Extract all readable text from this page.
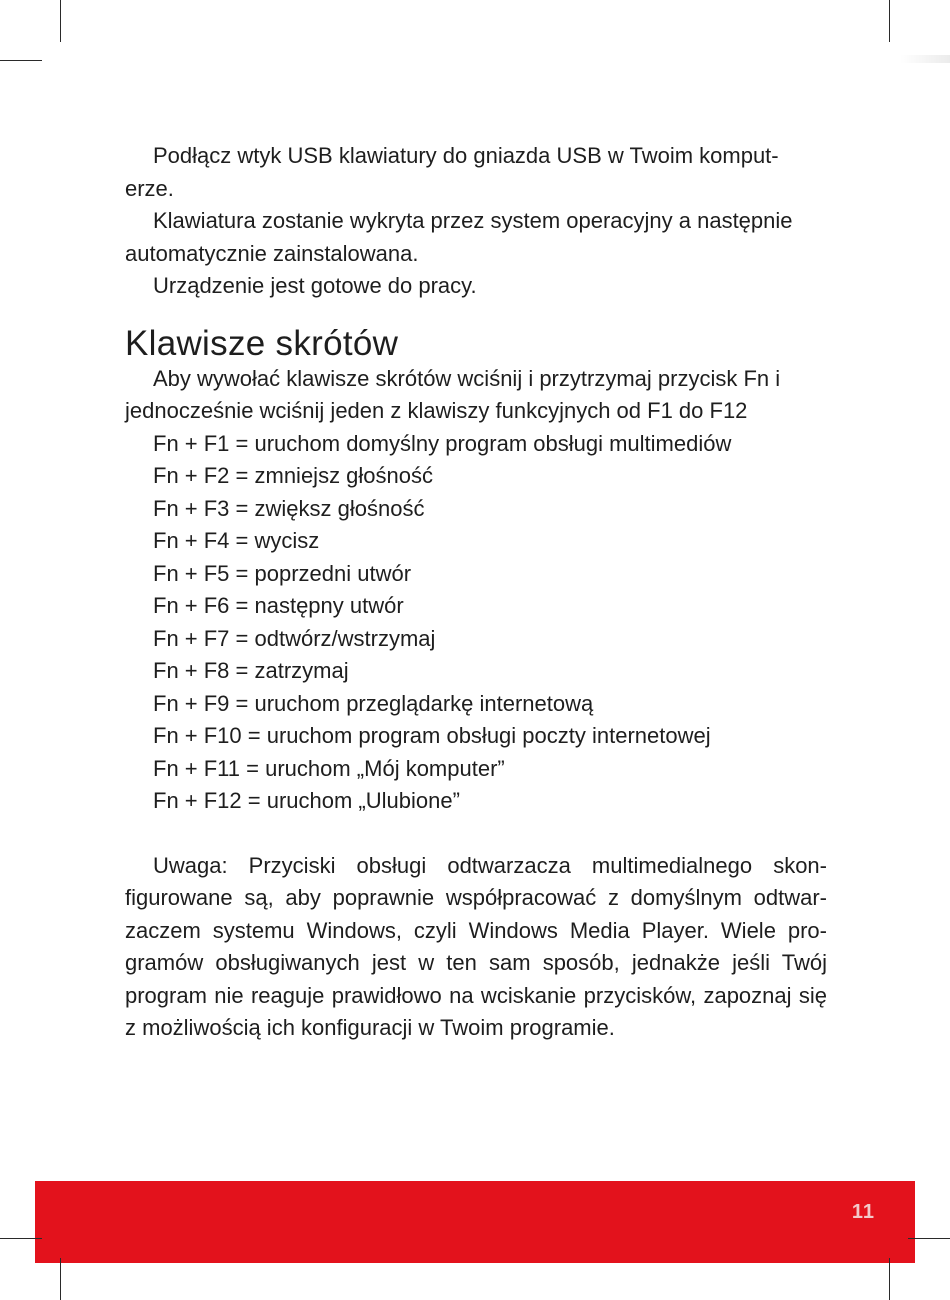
Podłącz wtyk USB klawiatury do gniazda USB w Twoim komput-erze.

Klawiatura zostanie wykryta przez system operacyjny a następnie automatycznie zainstalowana.

Urządzenie jest gotowe do pracy.

Klawisze skrótów

Aby wywołać klawisze skrótów wciśnij i przytrzymaj przycisk Fn i jednocześnie wciśnij jeden z klawiszy funkcyjnych od F1 do F12

Fn + F1 = uruchom domyślny program obsługi multimediów
Fn + F2 = zmniejsz głośność
Fn + F3 = zwiększ głośność
Fn + F4 = wycisz
Fn + F5 = poprzedni utwór
Fn + F6 = następny utwór
Fn + F7 = odtwórz/wstrzymaj
Fn + F8 = zatrzymaj
Fn + F9 = uruchom przeglądarkę internetową
Fn + F10 = uruchom program obsługi poczty internetowej
Fn + F11 = uruchom „Mój komputer”
Fn + F12 = uruchom „Ulubione”

Uwaga: Przyciski obsługi odtwarzacza multimedialnego skon-figurowane są, aby poprawnie współpracować z domyślnym odtwar-zaczem systemu Windows, czyli Windows Media Player. Wiele pro-gramów obsługiwanych jest w ten sam sposób, jednakże jeśli Twój program nie reaguje prawidłowo na wciskanie przycisków, zapoznaj się z możliwością ich konfiguracji w Twoim programie.

11
